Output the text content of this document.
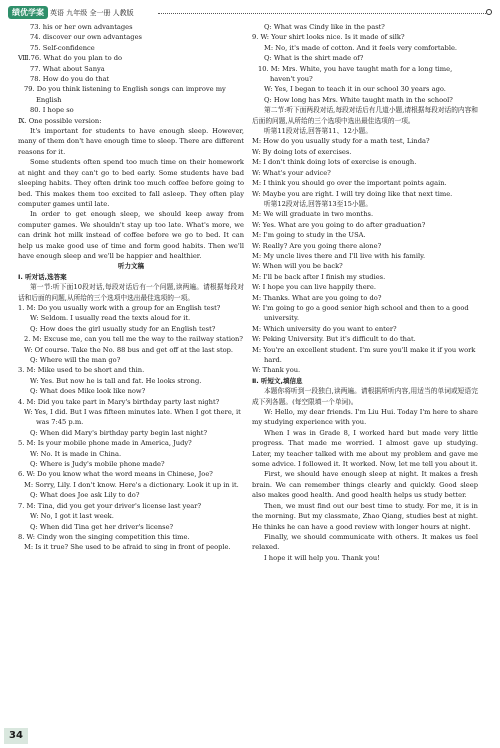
绩优学案 英语 九年级 全一册 人教版

73. his or her own advantages

74. discover our own advantages

75. Self-confidence

Ⅷ.76. What do you plan to do

77. What about Sanya

78. How do you do that

79. Do you think listening to English songs can improve my English

80. I hope so

Ⅸ. One possible version:

It's important for students to have enough sleep. However, many of them don't have enough time to sleep. There are different reasons for it.

Some students often spend too much time on their homework at night and they can't go to bed early. Some students have bad sleeping habits. They often drink too much coffee before going to bed. This makes them too excited to fall asleep. They often play computer games until late.

In order to get enough sleep, we should keep away from computer games. We shouldn't stay up too late. What's more, we can drink hot milk instead of coffee before we go to bed. It can help us make good use of time and form good habits. Then we'll have enough sleep and we'll be happier and healthier.

听力文稿

Ⅰ. 听对话,选答案

第一节:听下面10段对话,每段对话后有一个问题,读两遍。请根据每段对话和后面的问题,从所给的三个选项中选出最佳选项的一项。

1. M: Do you usually work with a group for an English test?

W: Seldom. I usually read the texts aloud for it.

Q: How does the girl usually study for an English test?

2. M: Excuse me, can you tell me the way to the railway station?

W: Of course. Take the No. 88 bus and get off at the last stop.

Q: Where will the man go?

3. M: Mike used to be short and thin.

W: Yes. But now he is tall and fat. He looks strong.

Q: What does Mike look like now?

4. M: Did you take part in Mary's birthday party last night?

W: Yes, I did. But I was fifteen minutes late. When I got there, it was 7:45 p.m.

Q: When did Mary's birthday party begin last night?

5. M: Is your mobile phone made in America, Judy?

W: No. It is made in China.

Q: Where is Judy's mobile phone made?

6. W: Do you know what the word means in Chinese, Joe?

M: Sorry, Lily. I don't know. Here's a dictionary. Look it up in it.

Q: What does Joe ask Lily to do?

7. M: Tina, did you get your driver's license last year?

W: No, I got it last week.

Q: When did Tina get her driver's license?

8. W: Cindy won the singing competition this time.

M: Is it true? She used to be afraid to sing in front of people.

Q: What was Cindy like in the past?

9. W: Your shirt looks nice. Is it made of silk?

M: No, it's made of cotton. And it feels very comfortable.

Q: What is the shirt made of?

10. M: Mrs. White, you have taught math for a long time, haven't you?

W: Yes, I began to teach it in our school 30 years ago.

Q: How long has Mrs. White taught math in the school?

第二节:听下面两段对话,每段对话后有几道小题,请根据每段对话的内容和后面的问题,从所给的三个选项中选出最佳选项的一项。

听第11段对话,回答第11、12小题。

M: How do you usually study for a math test, Linda?

W: By doing lots of exercises.

M: I don't think doing lots of exercise is enough.

W: What's your advice?

M: I think you should go over the important points again.

W: Maybe you are right. I will try doing like that next time.

听第12段对话,回答第13至15小题。

M: We will graduate in two months.

W: Yes. What are you going to do after graduation?

M: I'm going to study in the USA.

W: Really? Are you going there alone?

M: My uncle lives there and I'll live with his family.

W: When will you be back?

M: I'll be back after I finish my studies.

W: I hope you can live happily there.

M: Thanks. What are you going to do?

W: I'm going to go a good senior high school and then to a good university.

M: Which university do you want to enter?

W: Peking University. But it's difficult to do that.

M: You're an excellent student. I'm sure you'll make it if you work hard.

W: Thank you.

Ⅱ. 听短文,填信息

本题你将听到一段独白,读两遍。请根据所听内容,用适当的单词或短语完成下列各题。(每空限填一个单词)。

W: Hello, my dear friends. I'm Liu Hui. Today I'm here to share my studying experience with you.

When I was in Grade 8, I worked hard but made very little progress. That made me worried. I almost gave up studying. Later, my teacher talked with me about my problem and gave me some advice. I followed it. It worked. Now, let me tell you about it.

First, we should have enough sleep at night. It makes a fresh brain. We can remember things clearly and quickly. Good sleep also makes good health. And good health helps us study better.

Then, we must find out our best time to study. For me, it is in the morning. But my classmate, Zhao Qiang, studies best at night. He thinks he can have a good review with longer hours at night.

Finally, we should communicate with others. It makes us feel relaxed.

I hope it will help you. Thank you!

34
